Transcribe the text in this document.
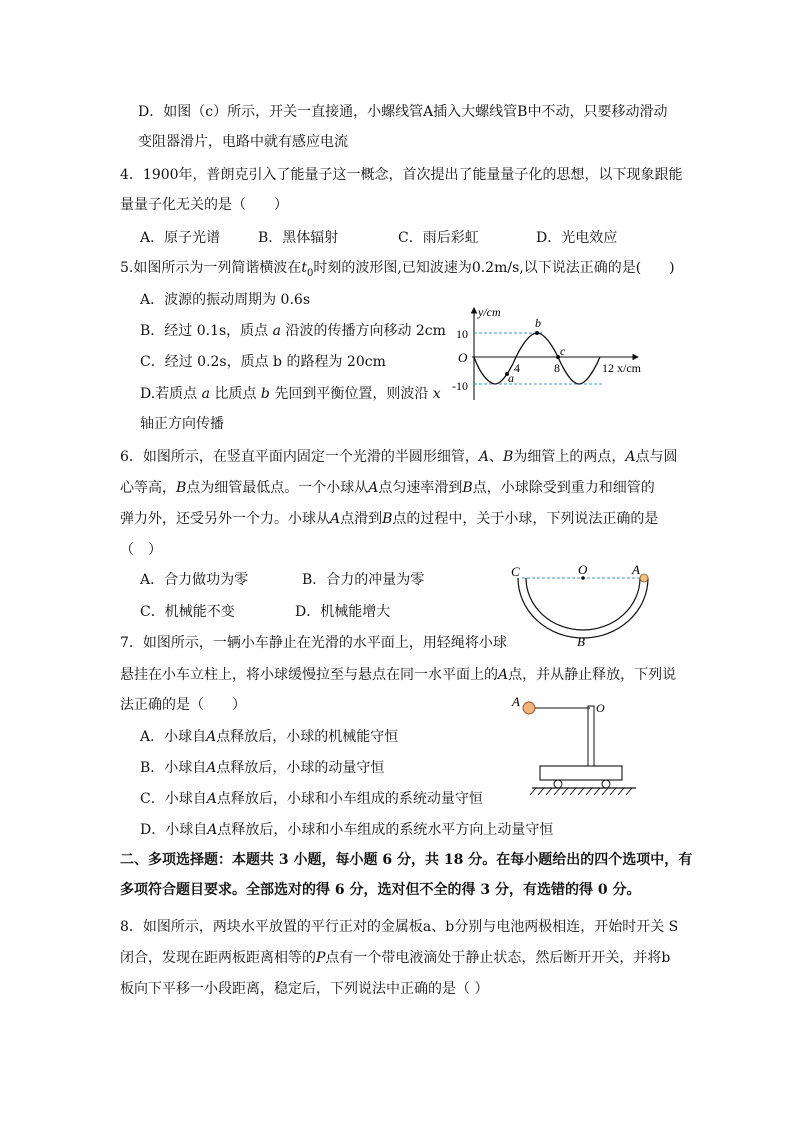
D．如图（c）所示，开关一直接通，小螺线管A插入大螺线管B中不动，只要移动滑动
变阻器滑片，电路中就有感应电流
4．1900年，普朗克引入了能量子这一概念，首次提出了能量量子化的思想，以下现象跟能
量量子化无关的是（　　）
A．原子光谱	B．黑体辐射	C．雨后彩虹	D．光电效应
5.如图所示为一列简谐横波在$t_0$时刻的波形图,已知波速为0.2m/s,以下说法正确的是(　　)
A．波源的振动周期为 0.6s
B．经过 0.1s，质点 a 沿波的传播方向移动 2cm
C．经过 0.2s，质点 b 的路程为 20cm
D.若质点 a 比质点 b 先回到平衡位置，则波沿 x
轴正方向传播
y/cm
O
10
-10
4	8	12 x/cm
a
b
c
6．如图所示，在竖直平面内固定一个光滑的半圆形细管，A、B为细管上的两点，A点与圆
心等高，B点为细管最低点。一个小球从A点匀速率滑到B点，小球除受到重力和细管的
弹力外，还受另外一个力。小球从A点滑到B点的过程中，关于小球，下列说法正确的是
（　）
A．合力做功为零	B．合力的冲量为零
C．机械能不变	D．机械能增大
C	O	A
B
7．如图所示，一辆小车静止在光滑的水平面上，用轻绳将小球
悬挂在小车立柱上，将小球缓慢拉至与悬点在同一水平面上的A点，并从静止释放，下列说
法正确的是（　　）
A．小球自A点释放后，小球的机械能守恒
B．小球自A点释放后，小球的动量守恒
C．小球自A点释放后，小球和小车组成的系统动量守恒
D．小球自A点释放后，小球和小车组成的系统水平方向上动量守恒
A	O
二、多项选择题：本题共 3 小题，每小题 6 分，共 18 分。在每小题给出的四个选项中，有
多项符合题目要求。全部选对的得 6 分，选对但不全的得 3 分，有选错的得 0 分。
8．如图所示，两块水平放置的平行正对的金属板a、b分别与电池两极相连，开始时开关 S
闭合，发现在距两板距离相等的P点有一个带电液滴处于静止状态，然后断开开关，并将b
板向下平移一小段距离，稳定后，下列说法中正确的是（ ）
